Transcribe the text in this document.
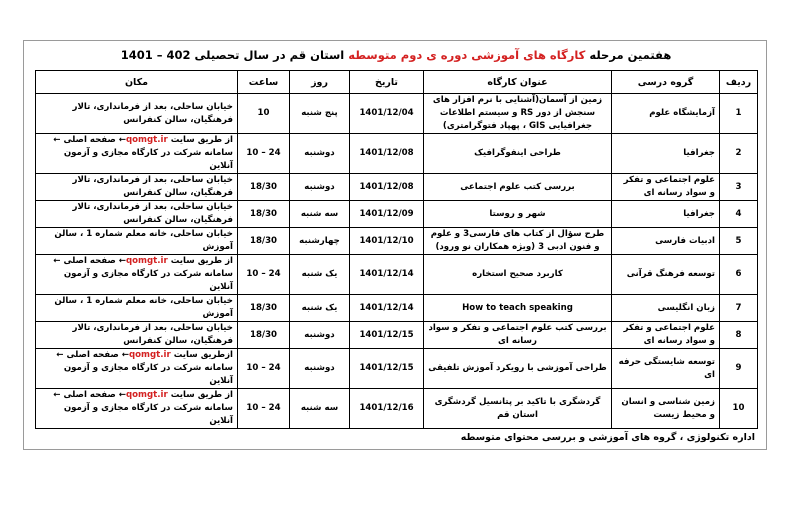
هفتمین مرحله کارگاه های آموزشی دوره ی دوم متوسطه استان قم در سال تحصیلی 402 – 1401
ردیف	گروه درسی	عنوان کارگاه	تاریخ	روز	ساعت	مکان
1	آزمایشگاه علوم	زمین از آسمان(آشنایی با نرم افزار های سنجش از دور RS و سیستم اطلاعات جغرافیایی GIS ، پهپاد فتوگرامتری)	1401/12/04	پنج شنبه	10	خیابان ساحلی، بعد از فرمانداری، تالار فرهنگیان، سالن کنفرانس
2	جغرافیا	طراحی اینفوگرافیک	1401/12/08	دوشنبه	24 – 10	از طریق سایت qomgt.ir← صفحه اصلی ← سامانه شرکت در کارگاه مجازی و آزمون آنلاین
3	علوم اجتماعی و تفکر و سواد رسانه ای	بررسی کتب علوم اجتماعی	1401/12/08	دوشنبه	18/30	خیابان ساحلی، بعد از فرمانداری، تالار فرهنگیان، سالن کنفرانس
4	جغرافیا	شهر و روستا	1401/12/09	سه شنبه	18/30	خیابان ساحلی، بعد از فرمانداری، تالار فرهنگیان، سالن کنفرانس
5	ادبیات فارسی	طرح سؤال از کتاب های فارسی3 و علوم و فنون ادبی 3 (ویژه همکاران نو ورود)	1401/12/10	چهارشنبه	18/30	خیابان ساحلی، خانه معلم شماره 1 ، سالن آموزش
6	توسعه فرهنگ قرآنی	کاربرد صحیح استخاره	1401/12/14	یک شنبه	24 – 10	از طریق سایت qomgt.ir← صفحه اصلی ← سامانه شرکت در کارگاه مجازی و آزمون آنلاین
7	زبان انگلیسی	How to teach speaking	1401/12/14	یک شنبه	18/30	خیابان ساحلی، خانه معلم شماره 1 ، سالن آموزش
8	علوم اجتماعی و تفکر و سواد رسانه ای	بررسی کتب علوم اجتماعی و تفکر و سواد رسانه ای	1401/12/15	دوشنبه	18/30	خیابان ساحلی، بعد از فرمانداری، تالار فرهنگیان، سالن کنفرانس
9	توسعه شایستگی حرفه ای	طراحی آموزشی با رویکرد آموزش تلفیقی	1401/12/15	دوشنبه	24 – 10	ازطریق سایت qomgt.ir← صفحه اصلی ← سامانه شرکت در کارگاه مجازی و آزمون آنلاین
10	زمین شناسی و انسان و محیط زیست	گردشگری با تاکید بر پتانسیل گردشگری استان قم	1401/12/16	سه شنبه	24 – 10	از طریق سایت qomgt.ir← صفحه اصلی ← سامانه شرکت در کارگاه مجازی و آزمون آنلاین
اداره تکنولوژی ، گروه های آموزشی و بررسی محتوای متوسطه
